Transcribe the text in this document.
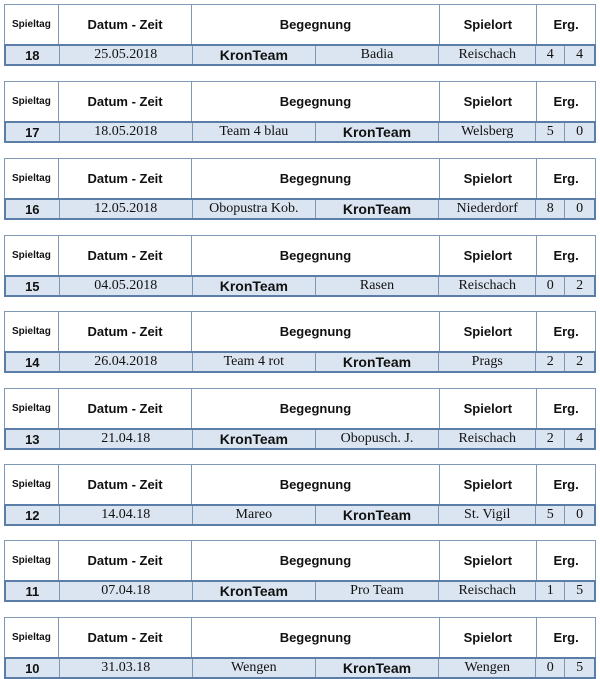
Spieltag	Datum - Zeit	Begegnung	Spielort	Erg.
18	25.05.2018	KronTeam	Badia	Reischach	4	4
Spieltag	Datum - Zeit	Begegnung	Spielort	Erg.
17	18.05.2018	Team 4 blau	KronTeam	Welsberg	5	0
Spieltag	Datum - Zeit	Begegnung	Spielort	Erg.
16	12.05.2018	Obopustra Kob.	KronTeam	Niederdorf	8	0
Spieltag	Datum - Zeit	Begegnung	Spielort	Erg.
15	04.05.2018	KronTeam	Rasen	Reischach	0	2
Spieltag	Datum - Zeit	Begegnung	Spielort	Erg.
14	26.04.2018	Team 4 rot	KronTeam	Prags	2	2
Spieltag	Datum - Zeit	Begegnung	Spielort	Erg.
13	21.04.18	KronTeam	Obopusch. J.	Reischach	2	4
Spieltag	Datum - Zeit	Begegnung	Spielort	Erg.
12	14.04.18	Mareo	KronTeam	St. Vigil	5	0
Spieltag	Datum - Zeit	Begegnung	Spielort	Erg.
11	07.04.18	KronTeam	Pro Team	Reischach	1	5
Spieltag	Datum - Zeit	Begegnung	Spielort	Erg.
10	31.03.18	Wengen	KronTeam	Wengen	0	5
